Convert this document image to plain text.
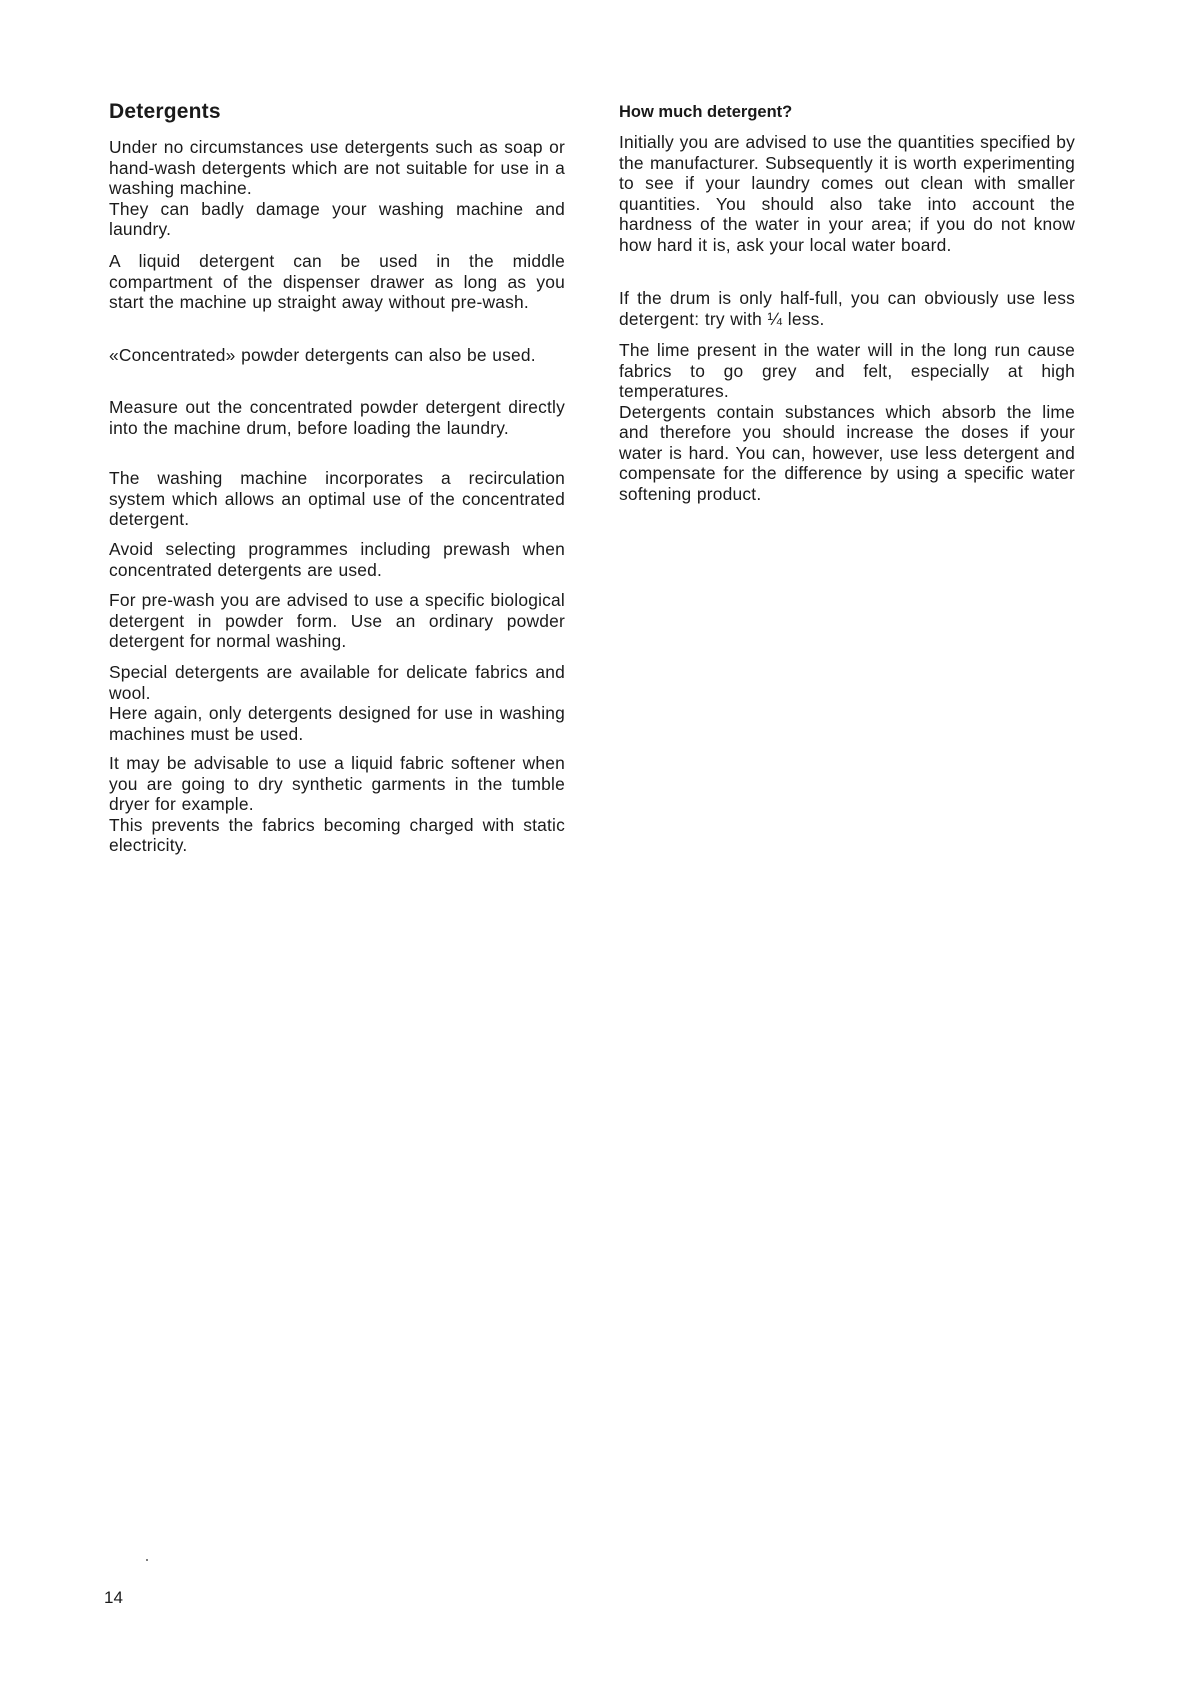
Detergents

Under no circumstances use detergents such as soap or hand-wash detergents which are not suitable for use in a washing machine.
They can badly damage your washing machine and laundry.

A liquid detergent can be used in the middle compartment of the dispenser drawer as long as you start the machine up straight away without pre-wash.

«Concentrated» powder detergents can also be used.

Measure out the concentrated powder detergent directly into the machine drum, before loading the laundry.

The washing machine incorporates a recirculation system which allows an optimal use of the concentrated detergent.

Avoid selecting programmes including prewash when concentrated detergents are used.

For pre-wash you are advised to use a specific biological detergent in powder form. Use an ordinary powder detergent for normal washing.

Special detergents are available for delicate fabrics and wool.
Here again, only detergents designed for use in washing machines must be used.

It may be advisable to use a liquid fabric softener when you are going to dry synthetic garments in the tumble dryer for example.
This prevents the fabrics becoming charged with static electricity.

How much detergent?

Initially you are advised to use the quantities specified by the manufacturer. Subsequently it is worth experimenting to see if your laundry comes out clean with smaller quantities. You should also take into account the hardness of the water in your area; if you do not know how hard it is, ask your local water board.

If the drum is only half-full, you can obviously use less detergent: try with ¼ less.

The lime present in the water will in the long run cause fabrics to go grey and felt, especially at high temperatures.
Detergents contain substances which absorb the lime and therefore you should increase the doses if your water is hard. You can, however, use less detergent and compensate for the difference by using a specific water softening product.

14
